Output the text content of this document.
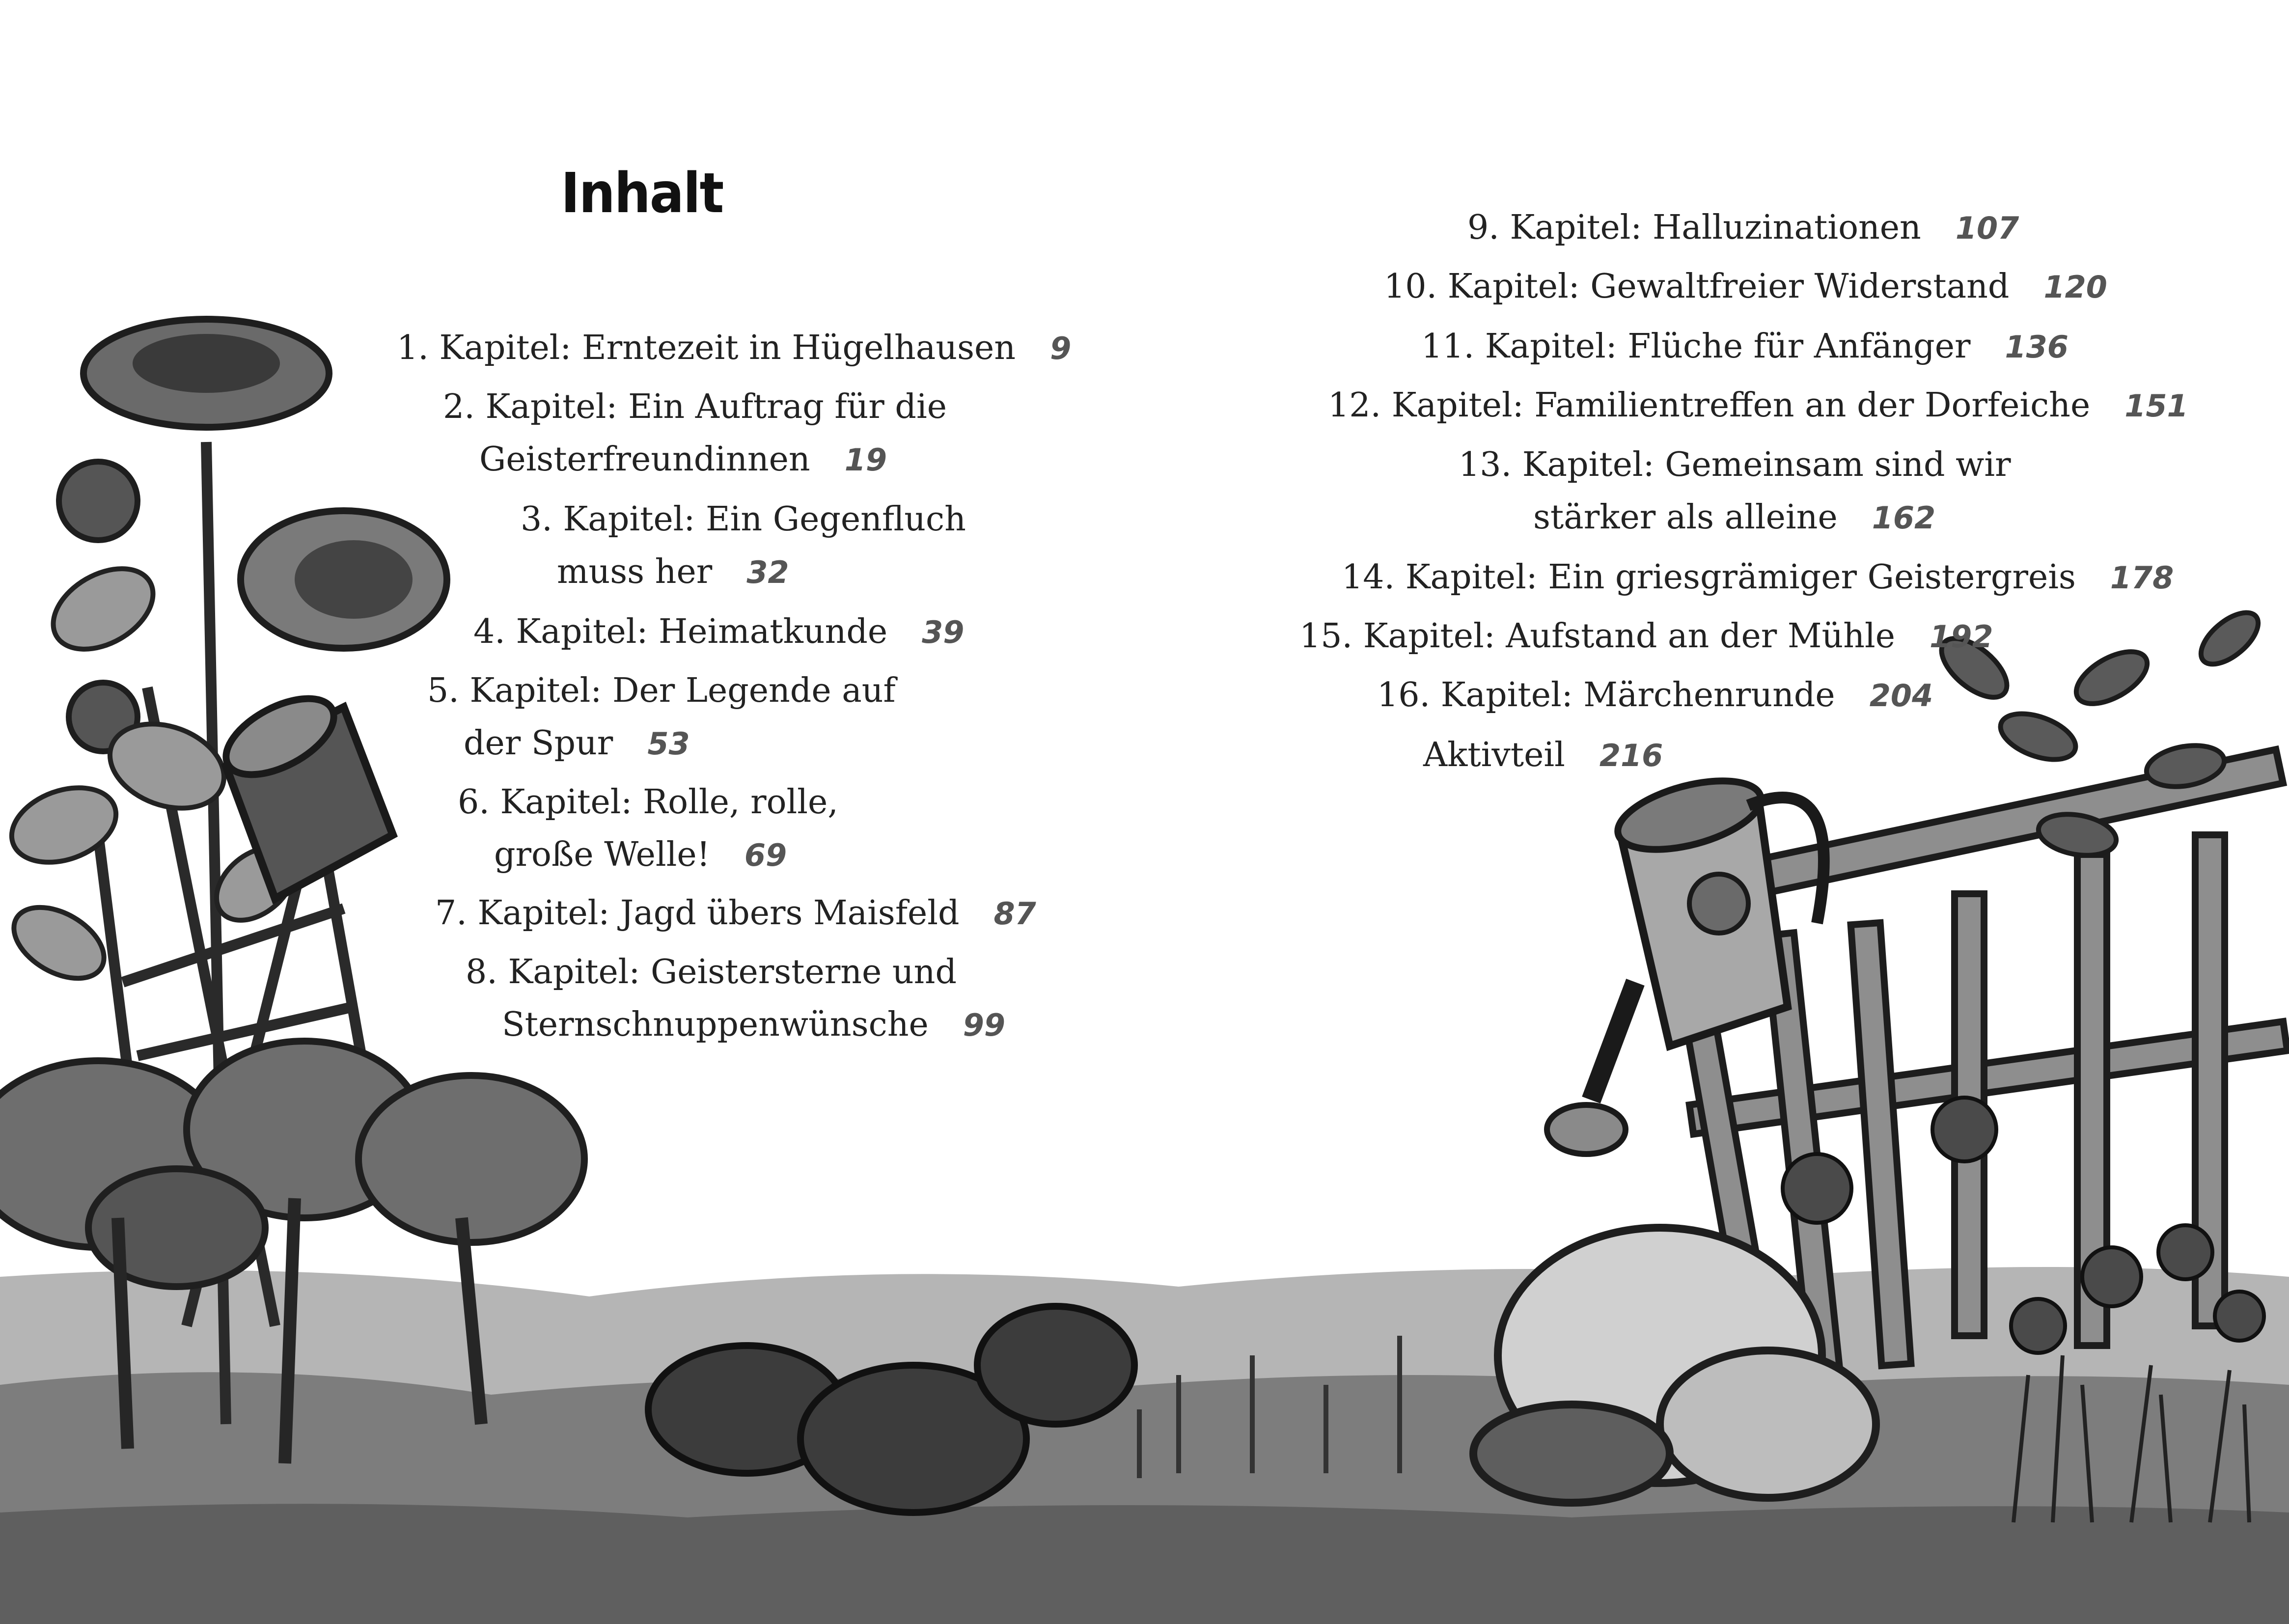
Inhalt
1. Kapitel: Erntezeit in Hügelhausen 9
2. Kapitel: Ein Auftrag für die
Geisterfreundinnen 19
3. Kapitel: Ein Gegenfluch
muss her 32
4. Kapitel: Heimatkunde 39
5. Kapitel: Der Legende auf
der Spur 53
6. Kapitel: Rolle, rolle,
große Welle! 69
7. Kapitel: Jagd übers Maisfeld 87
8. Kapitel: Geistersterne und
Sternschnuppenwünsche 99
9. Kapitel: Halluzinationen 107
10. Kapitel: Gewaltfreier Widerstand 120
11. Kapitel: Flüche für Anfänger 136
12. Kapitel: Familientreffen an der Dorfeiche 151
13. Kapitel: Gemeinsam sind wir
stärker als alleine 162
14. Kapitel: Ein griesgrämiger Geistergreis 178
15. Kapitel: Aufstand an der Mühle 192
16. Kapitel: Märchenrunde 204
Aktivteil 216
